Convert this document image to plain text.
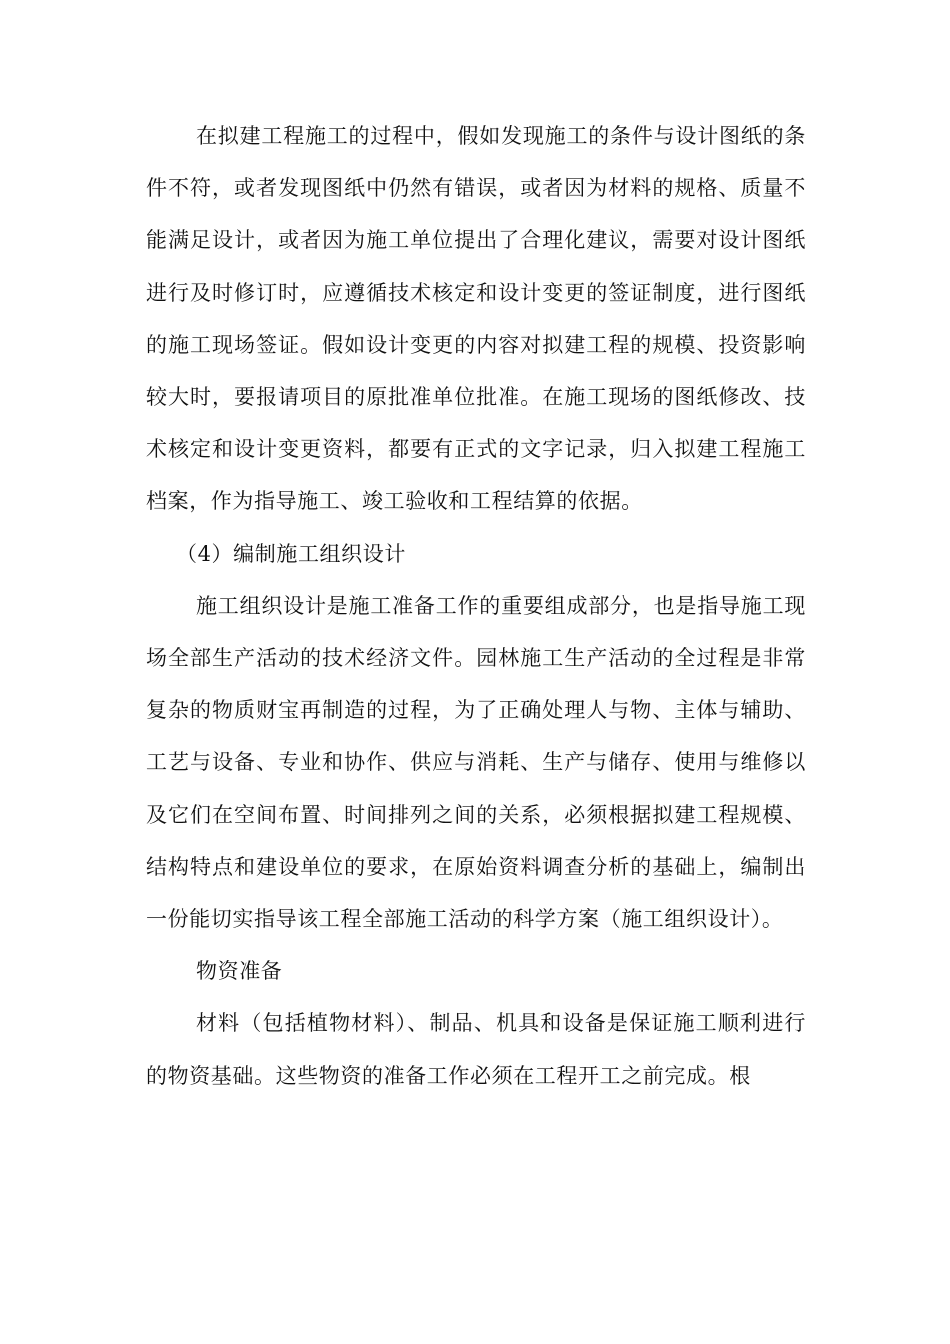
在拟建工程施工的过程中，假如发现施工的条件与设计图纸的条件不符，或者发现图纸中仍然有错误，或者因为材料的规格、质量不能满足设计，或者因为施工单位提出了合理化建议，需要对设计图纸进行及时修订时，应遵循技术核定和设计变更的签证制度，进行图纸的施工现场签证。假如设计变更的内容对拟建工程的规模、投资影响较大时，要报请项目的原批准单位批准。在施工现场的图纸修改、技术核定和设计变更资料，都要有正式的文字记录，归入拟建工程施工档案，作为指导施工、竣工验收和工程结算的依据。

（4）编制施工组织设计

施工组织设计是施工准备工作的重要组成部分，也是指导施工现场全部生产活动的技术经济文件。园林施工生产活动的全过程是非常复杂的物质财宝再制造的过程，为了正确处理人与物、主体与辅助、工艺与设备、专业和协作、供应与消耗、生产与储存、使用与维修以及它们在空间布置、时间排列之间的关系，必须根据拟建工程规模、结构特点和建设单位的要求，在原始资料调查分析的基础上，编制出一份能切实指导该工程全部施工活动的科学方案（施工组织设计）。

物资准备

材料（包括植物材料）、制品、机具和设备是保证施工顺利进行的物资基础。这些物资的准备工作必须在工程开工之前完成。根
